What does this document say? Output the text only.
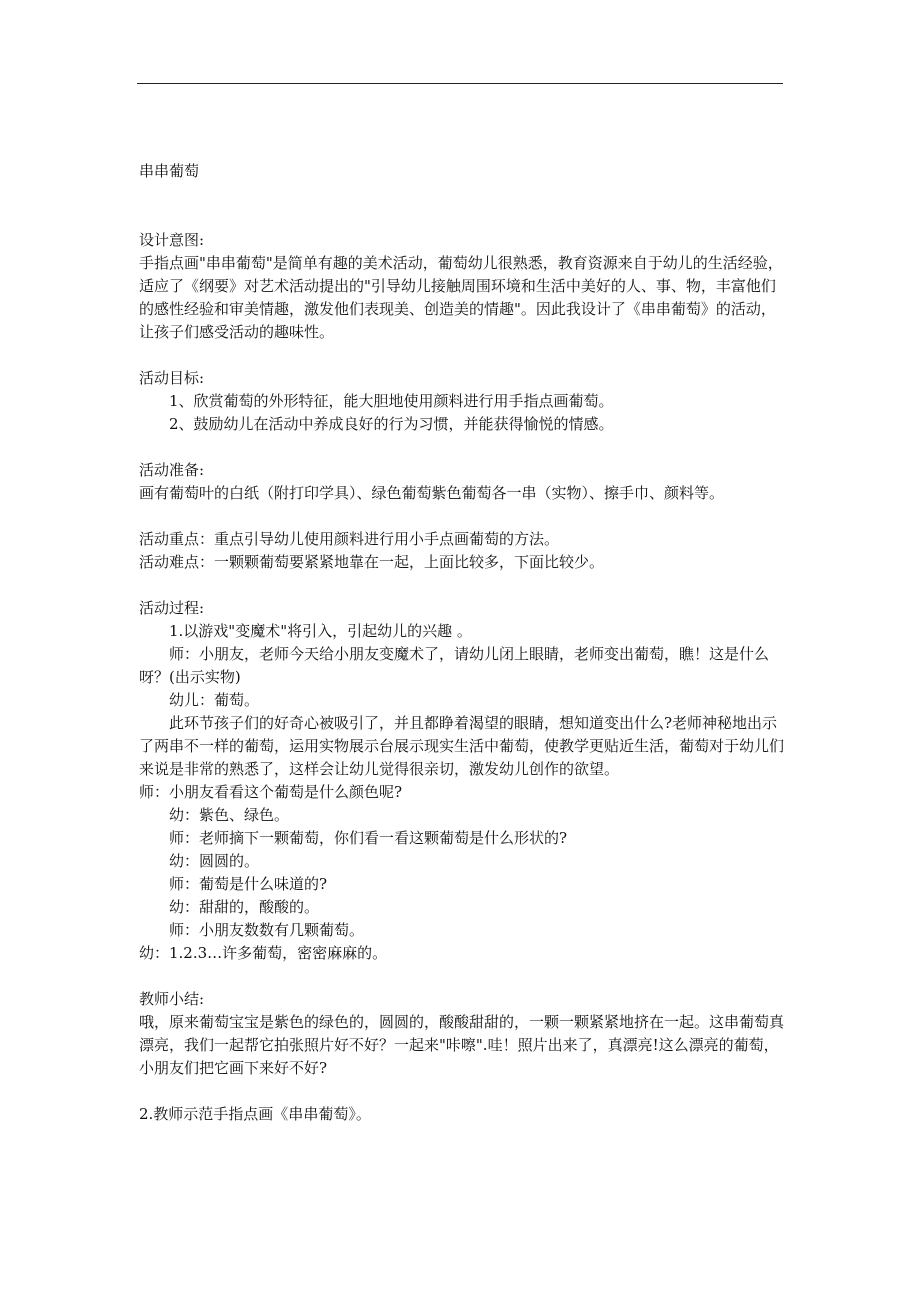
串串葡萄

设计意图:

手指点画"串串葡萄"是简单有趣的美术活动，葡萄幼儿很熟悉，教育资源来自于幼儿的生活经验，适应了《纲要》对艺术活动提出的"引导幼儿接触周围环境和生活中美好的人、事、物，丰富他们的感性经验和审美情趣，激发他们表现美、创造美的情趣"。因此我设计了《串串葡萄》的活动，让孩子们感受活动的趣味性。

活动目标:

1、欣赏葡萄的外形特征，能大胆地使用颜料进行用手指点画葡萄。

2、鼓励幼儿在活动中养成良好的行为习惯，并能获得愉悦的情感。

活动准备:

画有葡萄叶的白纸（附打印学具）、绿色葡萄紫色葡萄各一串（实物）、擦手巾、颜料等。

活动重点：重点引导幼儿使用颜料进行用小手点画葡萄的方法。

活动难点：一颗颗葡萄要紧紧地靠在一起，上面比较多，下面比较少。

活动过程:

1.以游戏"变魔术"将引入，引起幼儿的兴趣 。

师：小朋友，老师今天给小朋友变魔术了，请幼儿闭上眼睛，老师变出葡萄，瞧！这是什么呀？(出示实物)

幼儿：葡萄。

此环节孩子们的好奇心被吸引了，并且都睁着渴望的眼睛，想知道变出什么?老师神秘地出示了两串不一样的葡萄，运用实物展示台展示现实生活中葡萄，使教学更贴近生活，葡萄对于幼儿们来说是非常的熟悉了，这样会让幼儿觉得很亲切，激发幼儿创作的欲望。

师：小朋友看看这个葡萄是什么颜色呢?

幼：紫色、绿色。

师：老师摘下一颗葡萄，你们看一看这颗葡萄是什么形状的?

幼：圆圆的。

师：葡萄是什么味道的?

幼：甜甜的，酸酸的。

师：小朋友数数有几颗葡萄。

幼：1.2.3…许多葡萄，密密麻麻的。

教师小结:

哦，原来葡萄宝宝是紫色的绿色的，圆圆的，酸酸甜甜的，一颗一颗紧紧地挤在一起。这串葡萄真漂亮，我们一起帮它拍张照片好不好？一起来"咔嚓".哇！照片出来了，真漂亮!这么漂亮的葡萄，小朋友们把它画下来好不好?

2.教师示范手指点画《串串葡萄》。
